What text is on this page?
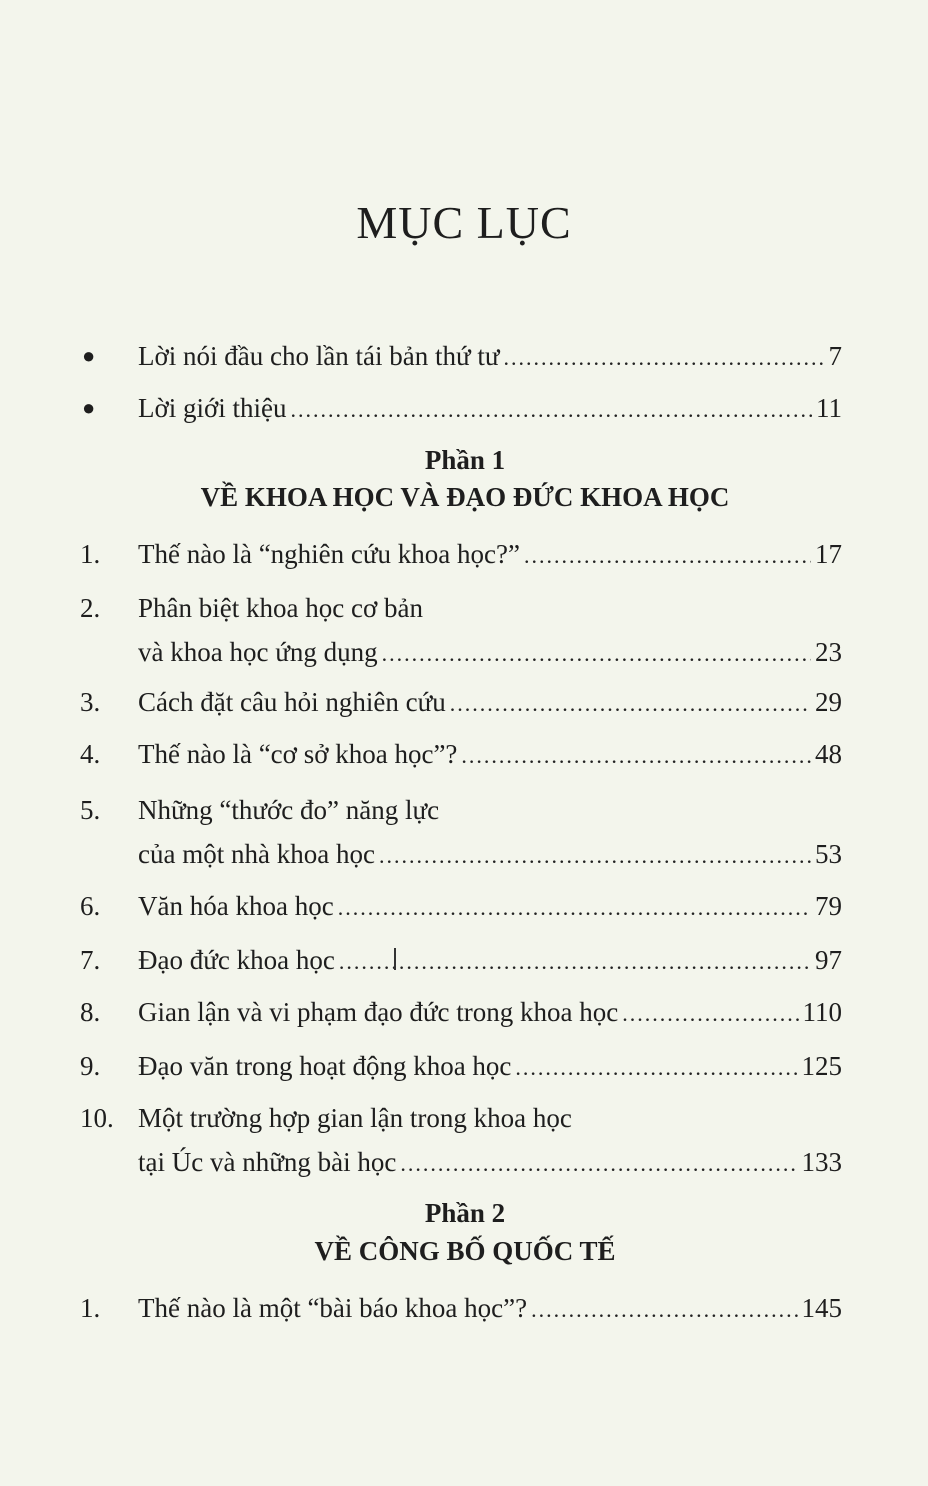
MỤC LỤC
● Lời nói đầu cho lần tái bản thứ tư .....	7
● Lời giới thiệu .....	11
Phần 1
VỀ KHOA HỌC VÀ ĐẠO ĐỨC KHOA HỌC
1. Thế nào là “nghiên cứu khoa học?” .....	17
2. Phân biệt khoa học cơ bản
và khoa học ứng dụng .....	23
3. Cách đặt câu hỏi nghiên cứu .....	29
4. Thế nào là “cơ sở khoa học”? .....	48
5. Những “thước đo” năng lực
của một nhà khoa học .....	53
6. Văn hóa khoa học .....	79
7. Đạo đức khoa học .....	97
8. Gian lận và vi phạm đạo đức trong khoa học .....	110
9. Đạo văn trong hoạt động khoa học .....	125
10. Một trường hợp gian lận trong khoa học
tại Úc và những bài học .....	133
Phần 2
VỀ CÔNG BỐ QUỐC TẾ
1. Thế nào là một “bài báo khoa học”? .....	145
